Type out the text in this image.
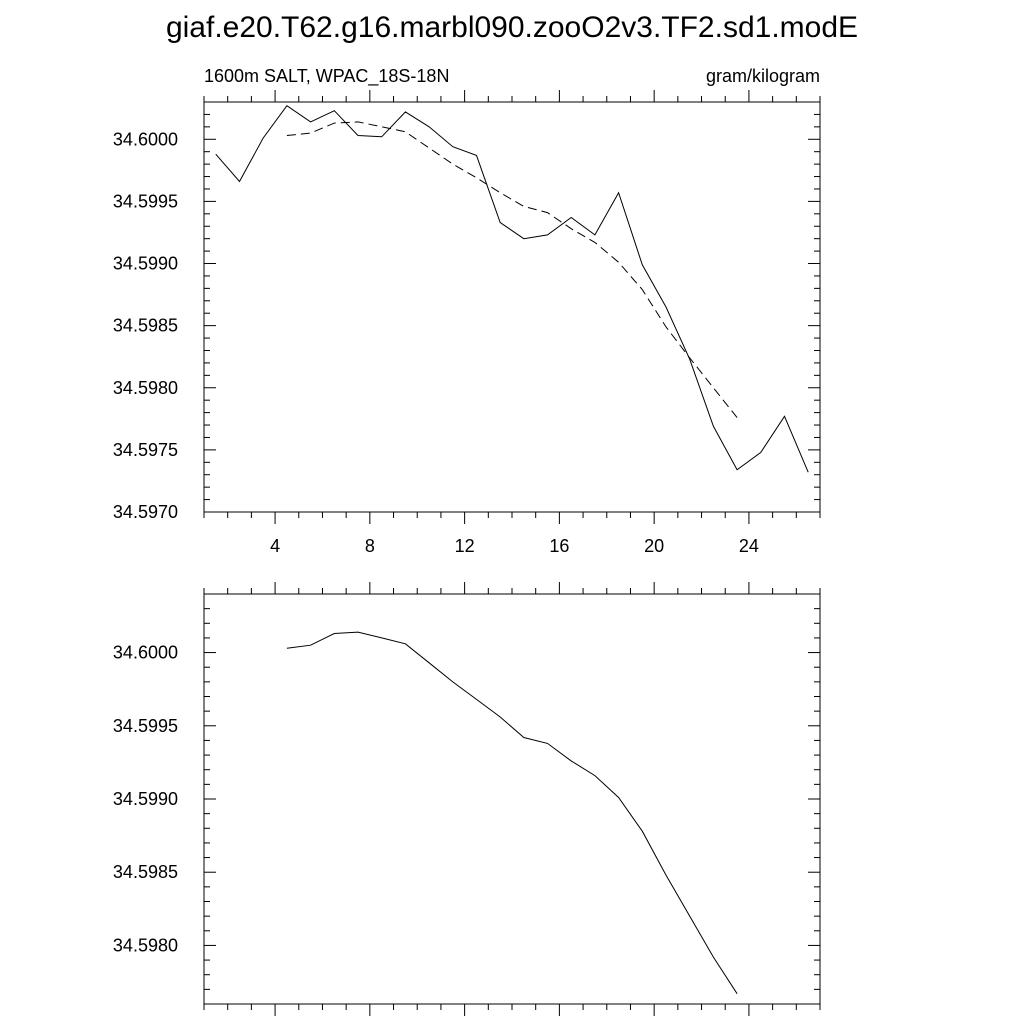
giaf.e20.T62.g16.marbl090.zooO2v3.TF2.sd1.modE
1600m SALT, WPAC_18S-18N	gram/kilogram
4	8	12	16	20	24
34.5970
34.5975
34.5980
34.5985
34.5990
34.5995
34.6000
34.5980
34.5985
34.5990
34.5995
34.6000
